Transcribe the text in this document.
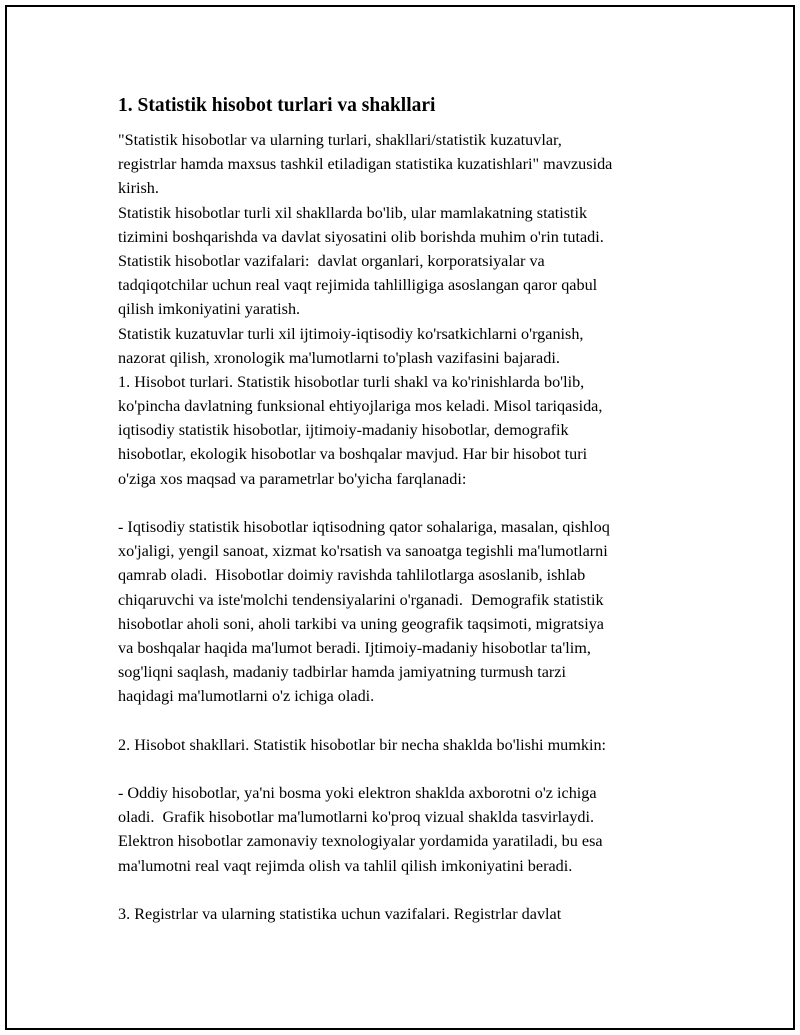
1. Statistik hisobot turlari va shakllari
"Statistik hisobotlar va ularning turlari, shakllari/statistik kuzatuvlar,
registrlar hamda maxsus tashkil etiladigan statistika kuzatishlari" mavzusida
kirish.
Statistik hisobotlar turli xil shakllarda bo'lib, ular mamlakatning statistik
tizimini boshqarishda va davlat siyosatini olib borishda muhim o'rin tutadi.
Statistik hisobotlar vazifalari:  davlat organlari, korporatsiyalar va
tadqiqotchilar uchun real vaqt rejimida tahlilligiga asoslangan qaror qabul
qilish imkoniyatini yaratish.
Statistik kuzatuvlar turli xil ijtimoiy-iqtisodiy ko'rsatkichlarni o'rganish,
nazorat qilish, xronologik ma'lumotlarni to'plash vazifasini bajaradi.
1. Hisobot turlari. Statistik hisobotlar turli shakl va ko'rinishlarda bo'lib,
ko'pincha davlatning funksional ehtiyojlariga mos keladi. Misol tariqasida,
iqtisodiy statistik hisobotlar, ijtimoiy-madaniy hisobotlar, demografik
hisobotlar, ekologik hisobotlar va boshqalar mavjud. Har bir hisobot turi
o'ziga xos maqsad va parametrlar bo'yicha farqlanadi:
- Iqtisodiy statistik hisobotlar iqtisodning qator sohalariga, masalan, qishloq
xo'jaligi, yengil sanoat, xizmat ko'rsatish va sanoatga tegishli ma'lumotlarni
qamrab oladi.  Hisobotlar doimiy ravishda tahlilotlarga asoslanib, ishlab
chiqaruvchi va iste'molchi tendensiyalarini o'rganadi.  Demografik statistik
hisobotlar aholi soni, aholi tarkibi va uning geografik taqsimoti, migratsiya
va boshqalar haqida ma'lumot beradi. Ijtimoiy-madaniy hisobotlar ta'lim,
sog'liqni saqlash, madaniy tadbirlar hamda jamiyatning turmush tarzi
haqidagi ma'lumotlarni o'z ichiga oladi.
2. Hisobot shakllari. Statistik hisobotlar bir necha shaklda bo'lishi mumkin:
- Oddiy hisobotlar, ya'ni bosma yoki elektron shaklda axborotni o'z ichiga
oladi.  Grafik hisobotlar ma'lumotlarni ko'proq vizual shaklda tasvirlaydi.
Elektron hisobotlar zamonaviy texnologiyalar yordamida yaratiladi, bu esa
ma'lumotni real vaqt rejimda olish va tahlil qilish imkoniyatini beradi.
3. Registrlar va ularning statistika uchun vazifalari. Registrlar davlat
